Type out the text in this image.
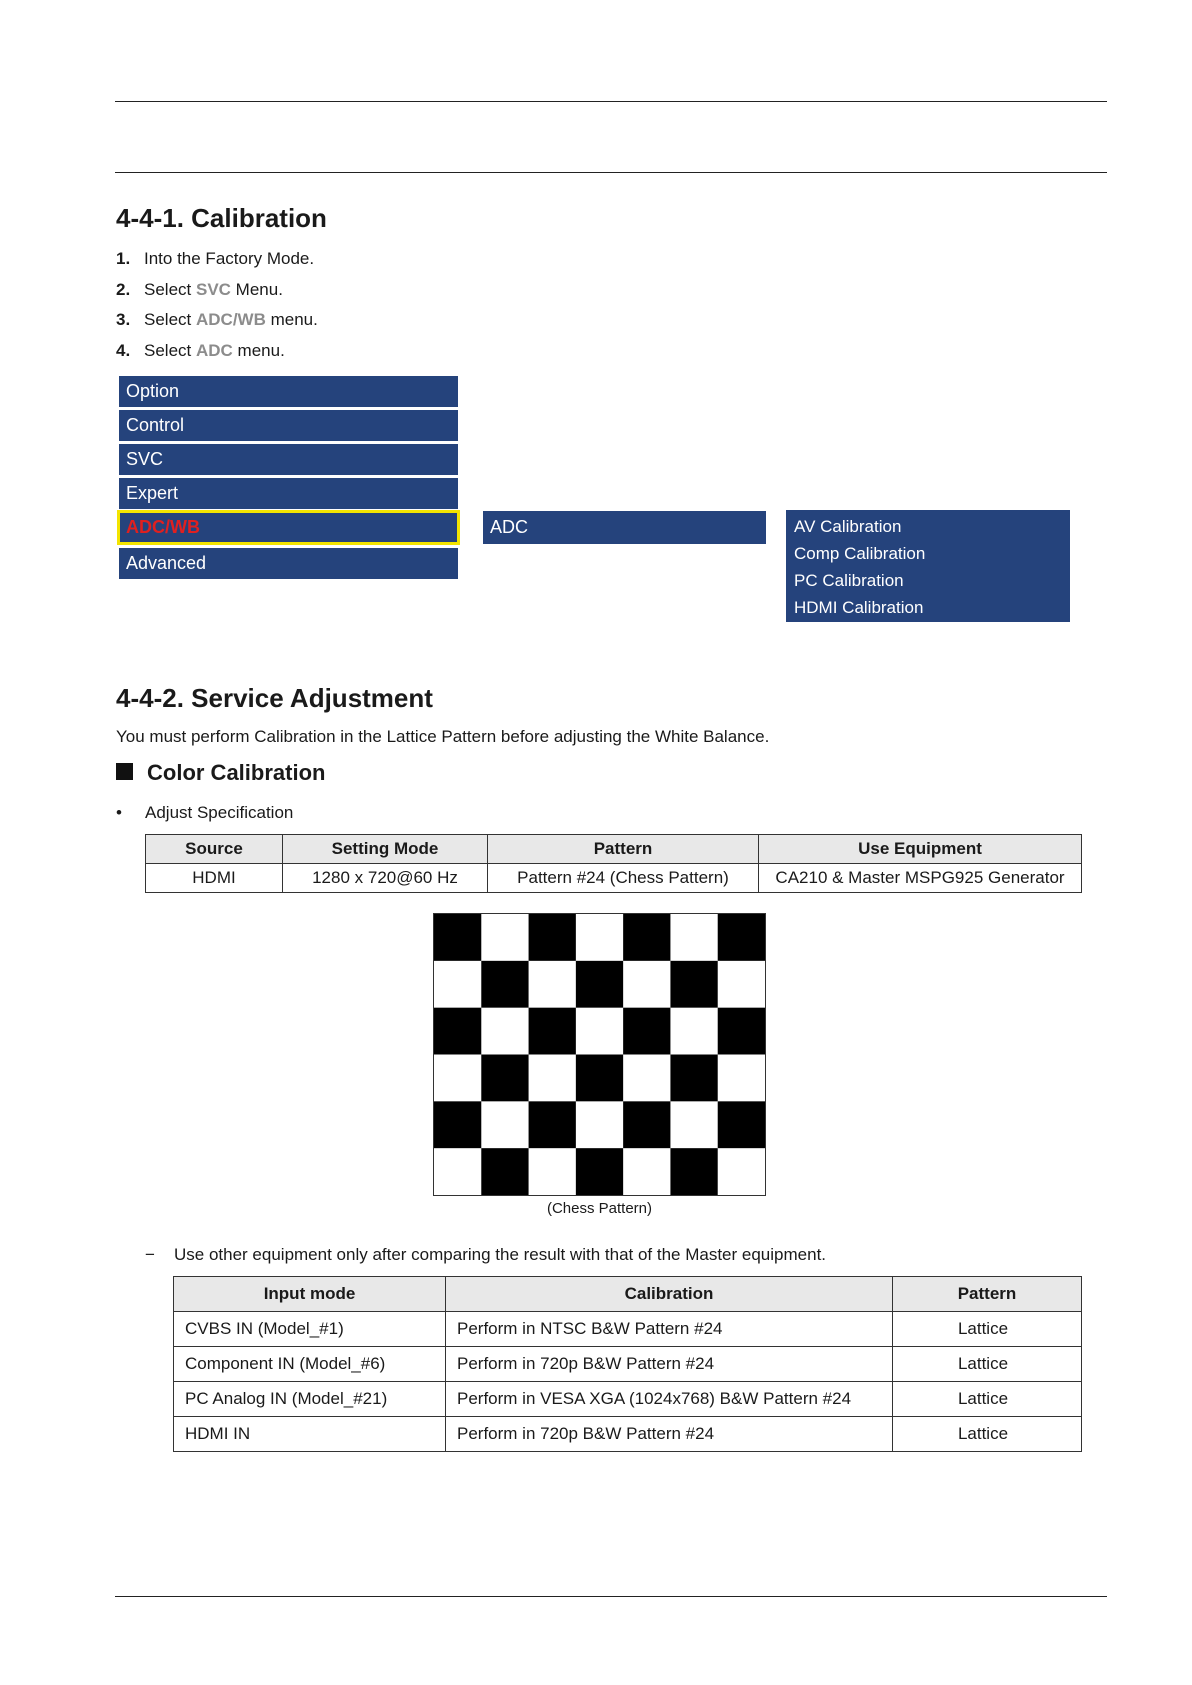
4-4-1. Calibration
1. Into the Factory Mode.
2. Select SVC Menu.
3. Select ADC/WB menu.
4. Select ADC menu.
Option
Control
SVC
Expert
ADC/WB
Advanced
ADC	AV Calibration
Comp Calibration
PC Calibration
HDMI Calibration
4-4-2. Service Adjustment

You must perform Calibration in the Lattice Pattern before adjusting the White Balance.

Color Calibration
• Adjust Specification
Source	Setting Mode	Pattern	Use Equipment
HDMI	1280 x 720@60 Hz	Pattern #24 (Chess Pattern)	CA210 & Master MSPG925 Generator
(Chess Pattern)
− Use other equipment only after comparing the result with that of the Master equipment.
Input mode	Calibration	Pattern
CVBS IN (Model_#1)	Perform in NTSC B&W Pattern #24	Lattice
Component IN (Model_#6)	Perform in 720p B&W Pattern #24	Lattice
PC Analog IN (Model_#21)	Perform in VESA XGA (1024x768) B&W Pattern #24	Lattice
HDMI IN	Perform in 720p B&W Pattern #24	Lattice
